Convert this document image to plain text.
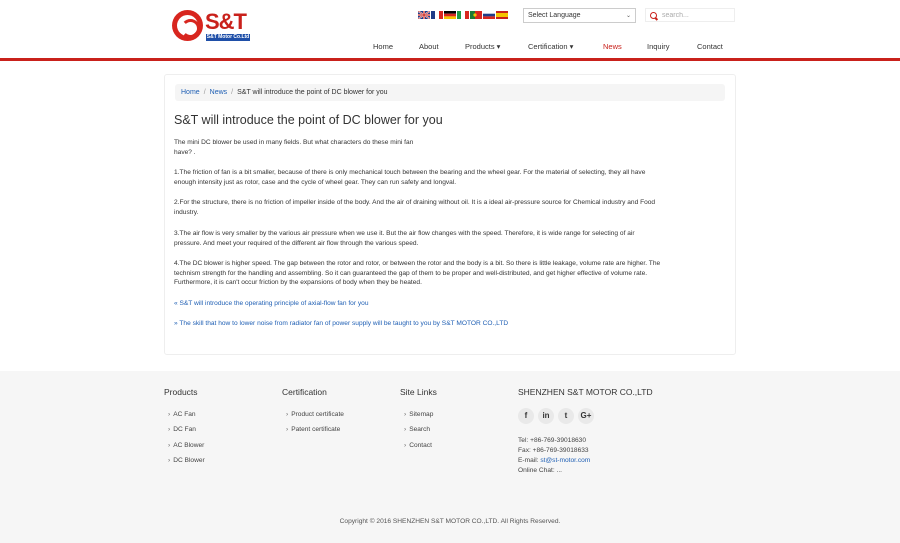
S&T
S&T Motor Co.Ltd
Select Language	⌄
search...
Home	About	Products ▾	Certification ▾	News	Inquiry	Contact
Home / News / S&T will introduce the point of DC blower for you
S&T will introduce the point of DC blower for you
The mini DC blower be used in many fields. But what characters do these mini fan
have? .
1.The friction of fan is a bit smaller, because of there is only mechanical touch between the bearing and the wheel gear. For the material of selecting, they all have
enough intensity just as rotor, case and the cycle of wheel gear. They can run safety and longval.
2.For the structure, there is no friction of impeller inside of the body. And the air of draining without oil. It is a ideal air-pressure source for Chemical industry and Food
industry.
3.The air flow is very smaller by the various air pressure when we use it. But the air flow changes with the speed. Therefore, it is wide range for selecting of air
pressure. And meet your required of the different air flow through the various speed.
4.The DC blower is higher speed. The gap between the rotor and rotor, or between the rotor and the body is a bit. So there is little leakage, volume rate are higher. The
technism strength for the handling and assembling. So it can guaranteed the gap of them to be proper and well-distributed, and get higher effective of volume rate.
Furthermore, it is can't occur friction by the expansions of body when they be heated.
« S&T will introduce the operating principle of axial-flow fan for you
» The skill that how to lower noise from radiator fan of power supply will be taught to you by S&T MOTOR CO.,LTD
Products
› AC Fan
› DC Fan
› AC Blower
› DC Blower
Certification
› Product certificate
› Patent certificate
Site Links
› Sitemap
› Search
› Contact
SHENZHEN S&T MOTOR CO.,LTD
f	in	t	G+
Tel: +86-769-39018630
Fax: +86-769-39018633
E-mail: st@st-motor.com
Online Chat: ...
Copyright © 2016 SHENZHEN S&T MOTOR CO.,LTD. All Rights Reserved.
